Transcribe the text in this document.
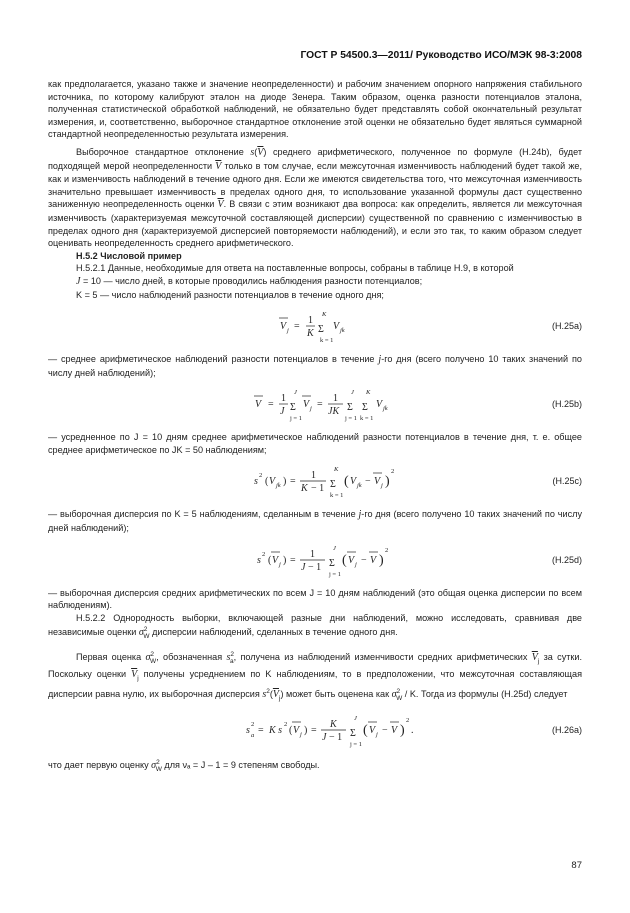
ГОСТ Р 54500.3—2011/ Руководство ИСО/МЭК 98-3:2008

как предполагается, указано также и значение неопределенности) и рабочим значением опорного напряжения стабильного источника, по которому калибруют эталон на диоде Зенера. Таким образом, оценка разности потенциалов эталона, полученная статистической обработкой наблюдений, не обязательно будет представлять собой окончательный результат измерения, и, соответственно, выборочное стандартное отклонение этой оценки не обязательно будет являться суммарной стандартной неопределенностью результата измерения.

Выборочное стандартное отклонение $s(\overline{V})$ среднего арифметического, полученное по формуле (H.24b), будет подходящей мерой неопределенности $\overline{V}$ только в том случае, если межсуточная изменчивость наблюдений будет такой же, как и изменчивость наблюдений в течение одного дня. Если же имеются свидетельства того, что межсуточная изменчивость значительно превышает изменчивость в пределах одного дня, то использование указанной формулы даст существенно заниженную неопределенность оценки $\overline{V}$. В связи с этим возникают два вопроса: как определить, является ли межсуточная изменчивость (характеризуемая межсуточной составляющей дисперсии) существенной по сравнению с изменчивостью в пределах одного дня (характеризуемой дисперсией повторяемости наблюдений), и если это так, то каким образом следует оценивать неопределенность среднего арифметического.

H.5.2 Числовой пример

H.5.2.1 Данные, необходимые для ответа на поставленные вопросы, собраны в таблице H.9, в которой

J = 10 — число дней, в которые проводились наблюдения разности потенциалов;

K = 5 — число наблюдений разности потенциалов в течение одного дня;

V j =
1
K
K
Σ
k = 1
V jk	(H.25a)

— среднее арифметическое наблюдений разности потенциалов в течение j-го дня (всего получено 10 таких значений по числу дней наблюдений);

V =
1
J
J
Σ
j = 1
V j =
1
JK
J
Σ
j = 1
K
Σ
k = 1
V jk	(H.25b)

— усредненное по J = 10 дням среднее арифметическое наблюдений разности потенциалов в течение дня, т. е. общее среднее арифметическое по JK = 50 наблюдениям;

s
2
( V jk ) =
1
K − 1
K
Σ
k = 1
( V jk − V j )
2
(H.25c)

— выборочная дисперсия по K = 5 наблюдениям, сделанным в течение j-го дня (всего получено 10 таких значений по числу дней наблюдений);

s
2
( V j ) =
1
J − 1
J
Σ
j = 1
( V j − V )
2
(H.25d)

— выборочная дисперсия средних арифметических по всем J = 10 дням наблюдений (это общая оценка дисперсии по всем наблюдениям).

H.5.2.2 Однородность выборки, включающей разные дни наблюдений, можно исследовать, сравнивая две независимые оценки $\sigma^2_W$ дисперсии наблюдений, сделанных в течение одного дня.

Первая оценка $\sigma^2_W$, обозначенная $s^2_a$, получена из наблюдений изменчивости средних арифметических $\overline{V}_j$ за сутки. Поскольку оценки $\overline{V}_j$ получены усреднением по K наблюдениям, то в предположении, что межсуточная составляющая дисперсии равна нулю, их выборочная дисперсия $s^2(\overline{V}_j)$ может быть оценена как $\sigma^2_W$ / K. Тогда из формулы (H.25d) следует

s
2
a = K s
2
( V j ) =
K
J − 1
J
Σ
j = 1
( V j − V )
2
.	(H.26a)

что дает первую оценку $\sigma^2_W$ для νₐ = J – 1 = 9 степеням свободы.

87
